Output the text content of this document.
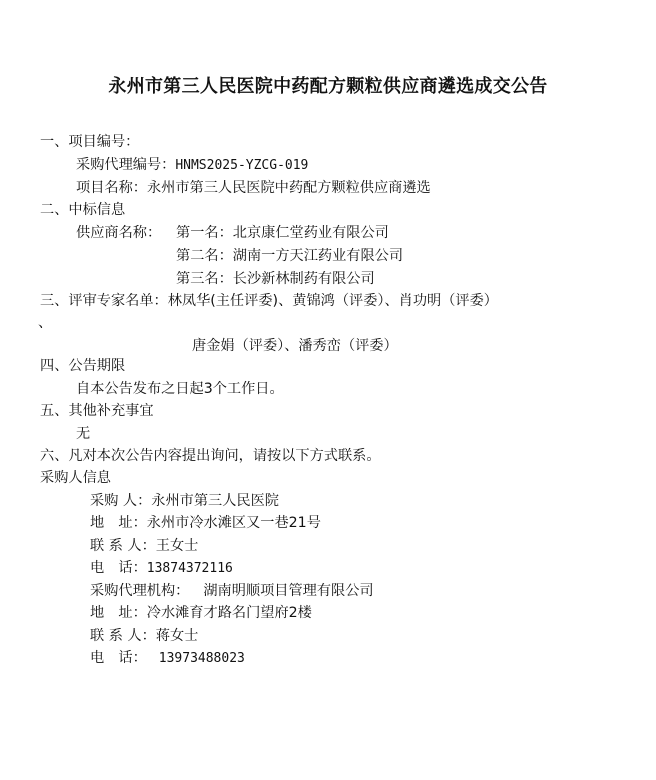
永州市第三人民医院中药配方颗粒供应商遴选成交公告
一、项目编号：
采购代理编号：HNMS2025-YZCG-019
项目名称：永州市第三人民医院中药配方颗粒供应商遴选
二、中标信息
供应商名称： 第一名：北京康仁堂药业有限公司
第二名：湖南一方天江药业有限公司
第三名：长沙新林制药有限公司
三、评审专家名单：林凤华(主任评委)、黄锦鸿（评委）、肖功明（评委）
、
唐金娟（评委）、潘秀峦（评委）
四、公告期限
自本公告发布之日起3个工作日。
五、其他补充事宜
无
六、凡对本次公告内容提出询问，请按以下方式联系。
采购人信息
采购 人：永州市第三人民医院
地　址：永州市冷水滩区又一巷21号
联 系 人：王女士
电　话：13874372116
采购代理机构： 湖南明顺项目管理有限公司
地　址：冷水滩育才路名门望府2楼
联 系 人：蒋女士
电　话： 13973488023
